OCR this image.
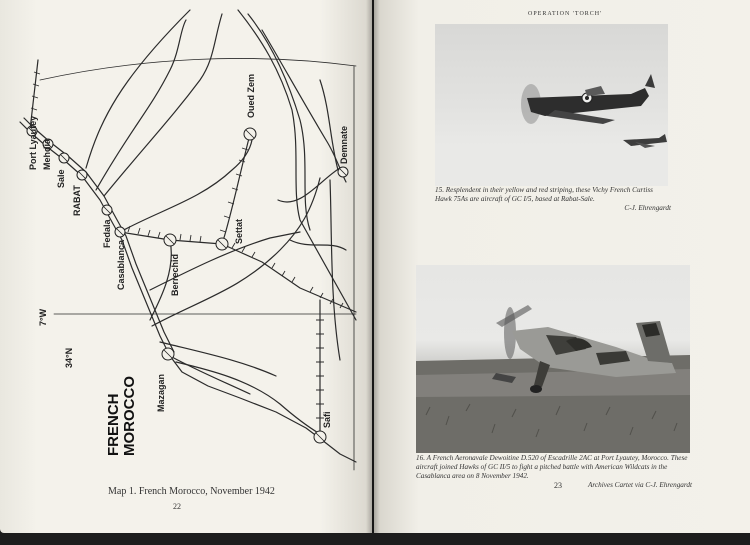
Port Lyautey Mehdia
Sale
RABAT
Fedala
Casablanca	Berrechid
Settat
Oued Zem
Demnate
Mazagan
Safi
7°W
34°N
FRENCH MOROCCO
Map 1. French Morocco, November 1942
22
OPERATION 'TORCH'
15. Resplendent in their yellow and red striping, these Vichy French Curtiss Hawk 75As are aircraft of GC I/5, based at Rabat-Sale.
C-J. Ehrengardt
16. A French Aeronavale Dewoitine D.520 of Escadrille 2AC at Port Lyautey, Morocco. These aircraft joined Hawks of GC II/5 to fight a pitched battle with American Wildcats in the Casablanca area on 8 November 1942.
Archives Cartet via C-J. Ehrengardt
23
